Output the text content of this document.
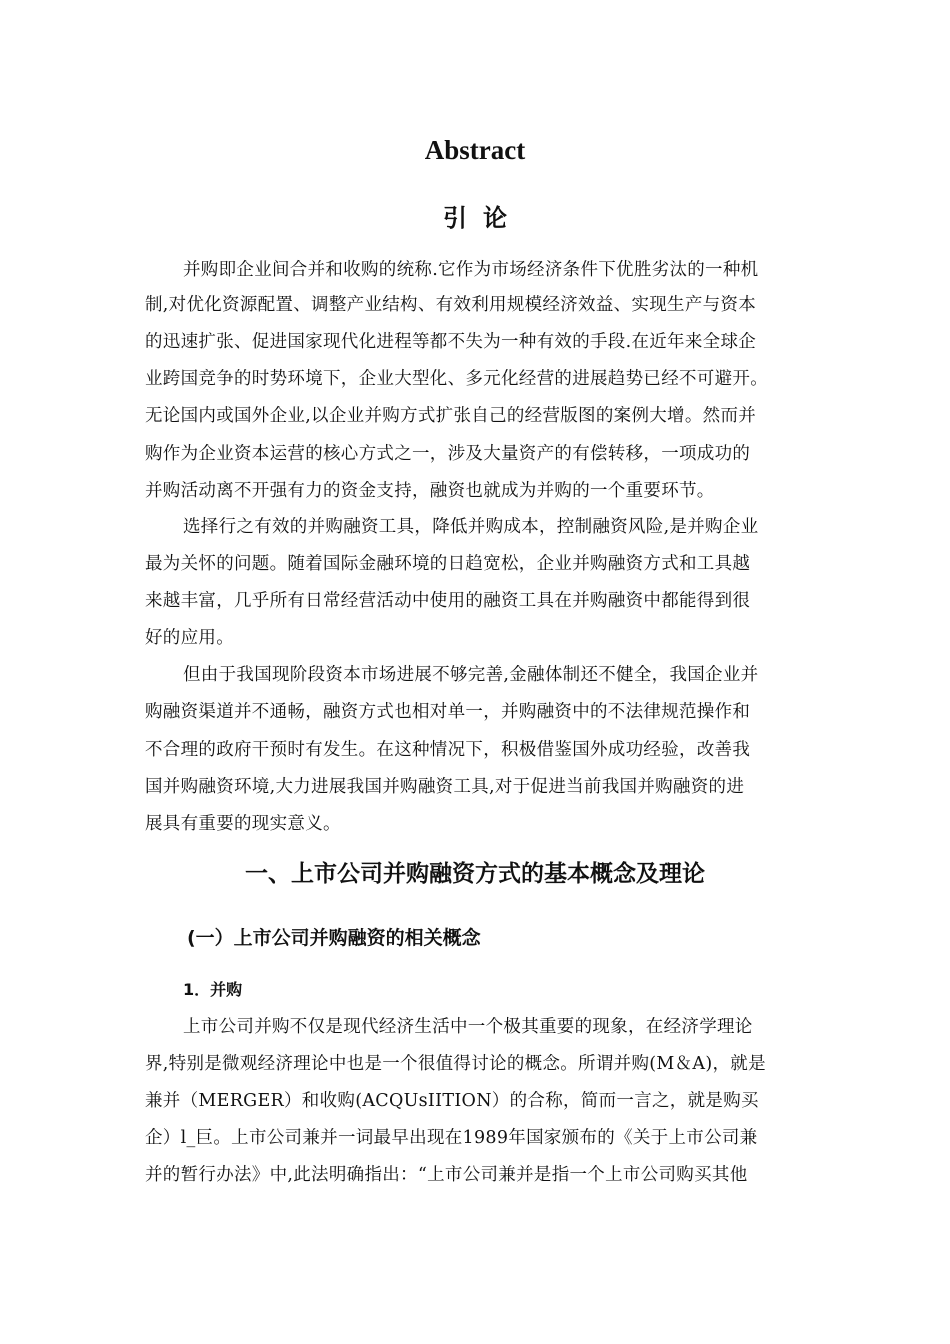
Abstract
引论

并购即企业间合并和收购的统称.它作为市场经济条件下优胜劣汰的一种机

制,对优化资源配置、调整产业结构、有效利用规模经济效益、实现生产与资本

的迅速扩张、促进国家现代化进程等都不失为一种有效的手段.在近年来全球企

业跨国竞争的时势环境下，企业大型化、多元化经营的进展趋势已经不可避开。

无论国内或国外企业,以企业并购方式扩张自己的经营版图的案例大增。然而并

购作为企业资本运营的核心方式之一，涉及大量资产的有偿转移，一项成功的

并购活动离不开强有力的资金支持，融资也就成为并购的一个重要环节。

选择行之有效的并购融资工具，降低并购成本，控制融资风险,是并购企业

最为关怀的问题。随着国际金融环境的日趋宽松，企业并购融资方式和工具越

来越丰富，几乎所有日常经营活动中使用的融资工具在并购融资中都能得到很

好的应用。

但由于我国现阶段资本市场进展不够完善,金融体制还不健全，我国企业并

购融资渠道并不通畅，融资方式也相对单一，并购融资中的不法律规范操作和

不合理的政府干预时有发生。在这种情况下，积极借鉴国外成功经验，改善我

国并购融资环境,大力进展我国并购融资工具,对于促进当前我国并购融资的进

展具有重要的现实意义。

一、上市公司并购融资方式的基本概念及理论
(一）上市公司并购融资的相关概念
1．并购

上市公司并购不仅是现代经济生活中一个极其重要的现象，在经济学理论

界,特别是微观经济理论中也是一个很值得讨论的概念。所谓并购(M＆A)，就是

兼并（MERGER）和收购(ACQUsIITION）的合称，简而一言之，就是购买

企）l_巨。上市公司兼并一词最早出现在1989年国家颁布的《关于上市公司兼

并的暂行办法》中,此法明确指出：“上市公司兼并是指一个上市公司购买其他
